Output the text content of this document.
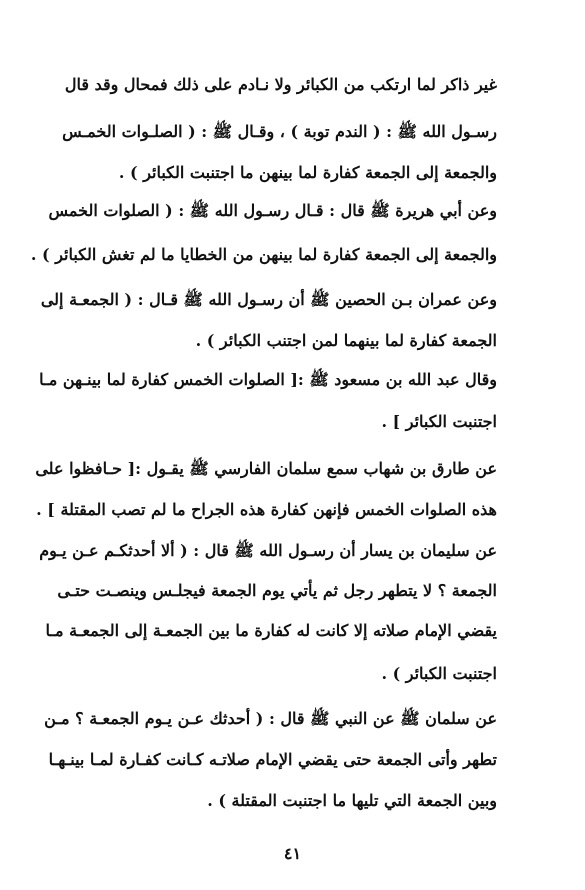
غير ذاكر لما ارتكب من الكبائر ولا نـادم على ذلك فمحال وقد قال
رسـول الله ﷺ : ( الندم توبة ) ، وقـال ﷺ : ( الصلـوات الخمـس
والجمعة إلى الجمعة كفارة لما بينهن ما اجتنبت الكبائر ) .
وعن أبي هريرة ﷺ قال : قـال رسـول الله ﷺ : ( الصلوات الخمس
والجمعة إلى الجمعة كفارة لما بينهن من الخطايا ما لم تغش الكبائر ) .
وعن عمران بـن الحصين ﷺ أن رسـول الله ﷺ قـال : ( الجمعـة إلى
الجمعة كفارة لما بينهما لمن اجتنب الكبائر ) .
وقال عبد الله بن مسعود ﷺ :[ الصلوات الخمس كفارة لما بينـهن مـا
اجتنبت الكبائر ] .
عن طارق بن شهاب سمع سلمان الفارسي ﷺ يقـول :[ حـافظوا على
هذه الصلوات الخمس فإنهن كفارة هذه الجراح ما لم تصب المقتلة ] .
عن سليمان بن يسار أن رسـول الله ﷺ قال : ( ألا أحدثكـم عـن يـوم
الجمعة ؟ لا يتطهر رجل ثم يأتي يوم الجمعة فيجلـس وينصـت حتـى
يقضي الإمام صلاته إلا كانت له كفارة ما بين الجمعـة إلى الجمعـة مـا
اجتنبت الكبائر ) .
عن سلمان ﷺ عن النبي ﷺ قال : ( أحدثك عـن يـوم الجمعـة ؟ مـن
تطهر وأتى الجمعة حتى يقضي الإمام صلاتـه كـانت كفـارة لمـا بينـهـا
وبين الجمعة التي تليها ما اجتنبت المقتلة ) .
٤١
